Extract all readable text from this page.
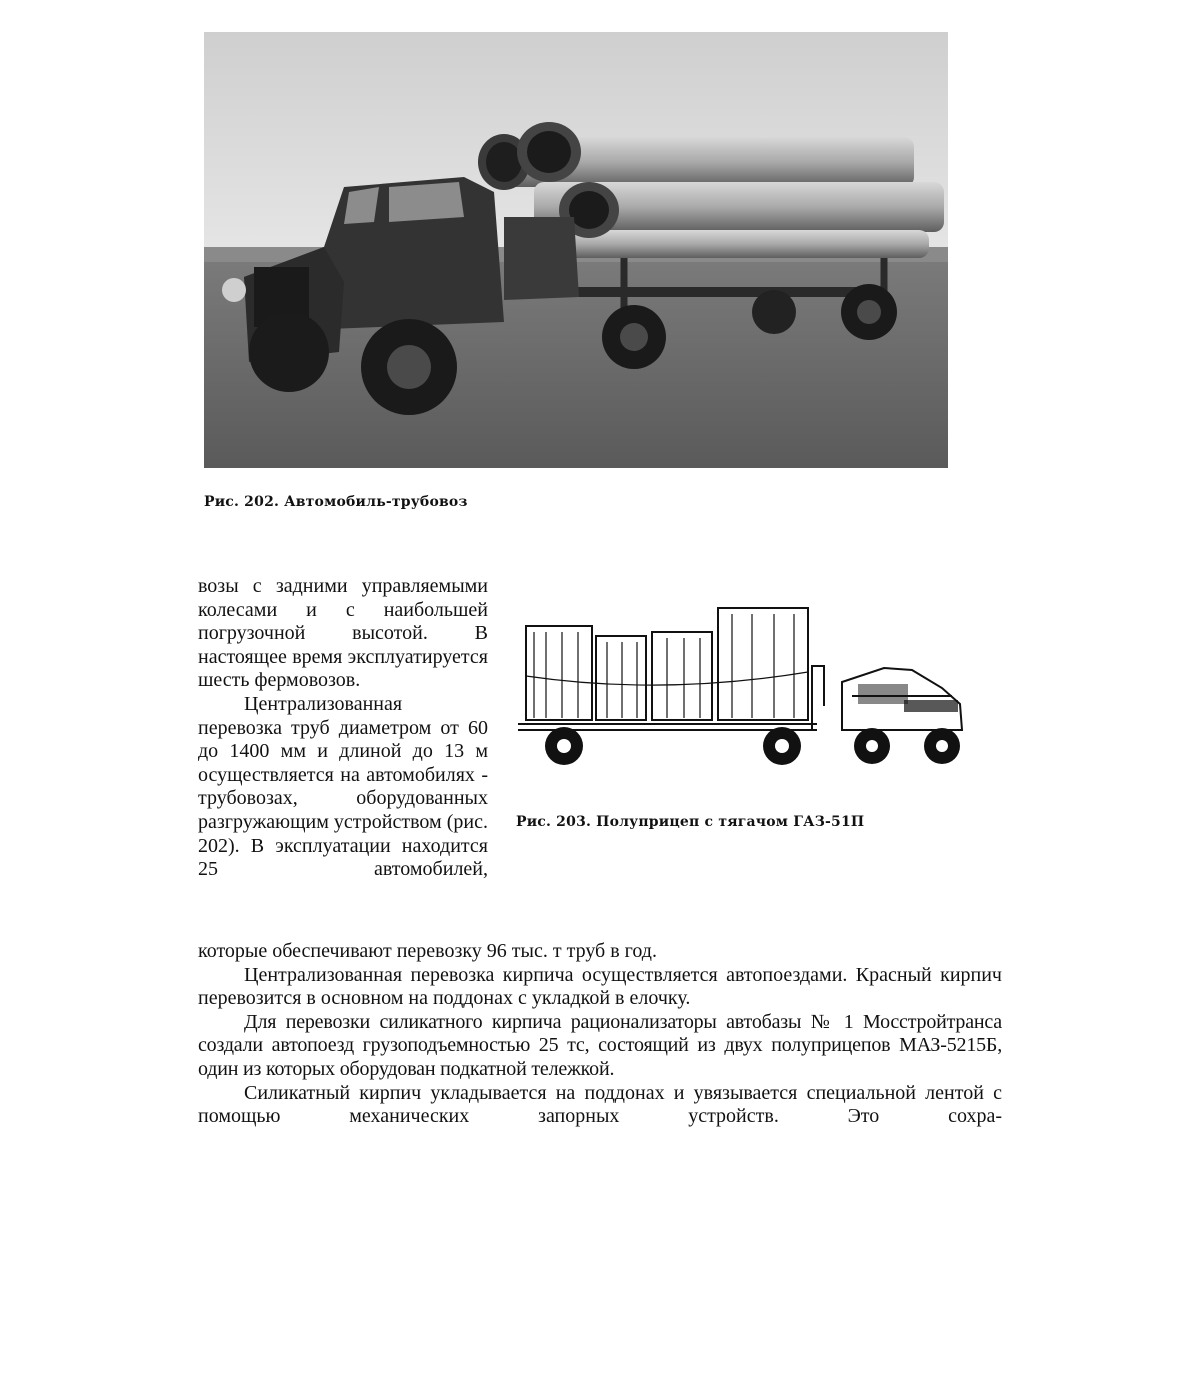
Рис. 202. Автомобиль-трубовоз
Рис. 203. Полуприцеп с тягачом ГАЗ-51П

возы с задними управляемыми колесами и с наибольшей погрузочной высотой. В настоящее время эксплуатируется шесть фермовозов.

Централизованная перевозка труб диаметром от 60 до 1400 мм и длиной до 13 м осуществляется на автомобилях - трубовозах, оборудованных разгружающим устройством (рис. 202). В эксплуатации находится 25 автомобилей,

которые обеспечивают перевозку 96 тыс. т труб в год.

Централизованная перевозка кирпича осуществляется автопоездами. Красный кирпич перевозится в основном на поддонах с укладкой в елочку.

Для перевозки силикатного кирпича рационализаторы автобазы № 1 Мосстройтранса создали автопоезд грузоподъемностью 25 тс, состоящий из двух полуприцепов МАЗ-5215Б, один из которых оборудован подкатной тележкой.

Силикатный кирпич укладывается на поддонах и увязывается специальной лентой с помощью механических запорных устройств. Это сохра-
